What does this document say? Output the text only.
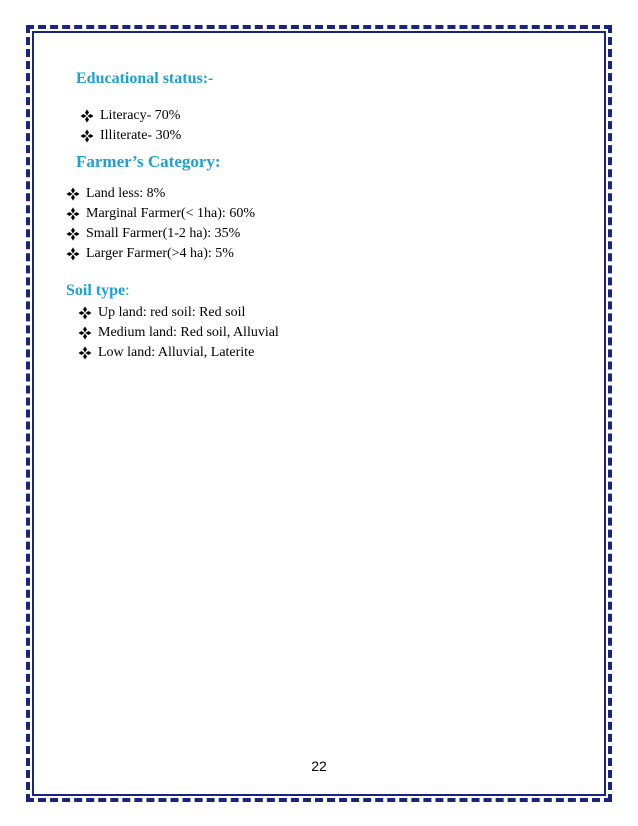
Educational status:-
Literacy- 70%
Illiterate- 30%
Farmer’s Category:
Land less: 8%
Marginal Farmer(< 1ha): 60%
Small Farmer(1-2 ha): 35%
Larger Farmer(>4 ha): 5%
Soil type:
Up land: red soil: Red soil
Medium land: Red soil, Alluvial
Low land: Alluvial, Laterite
22
